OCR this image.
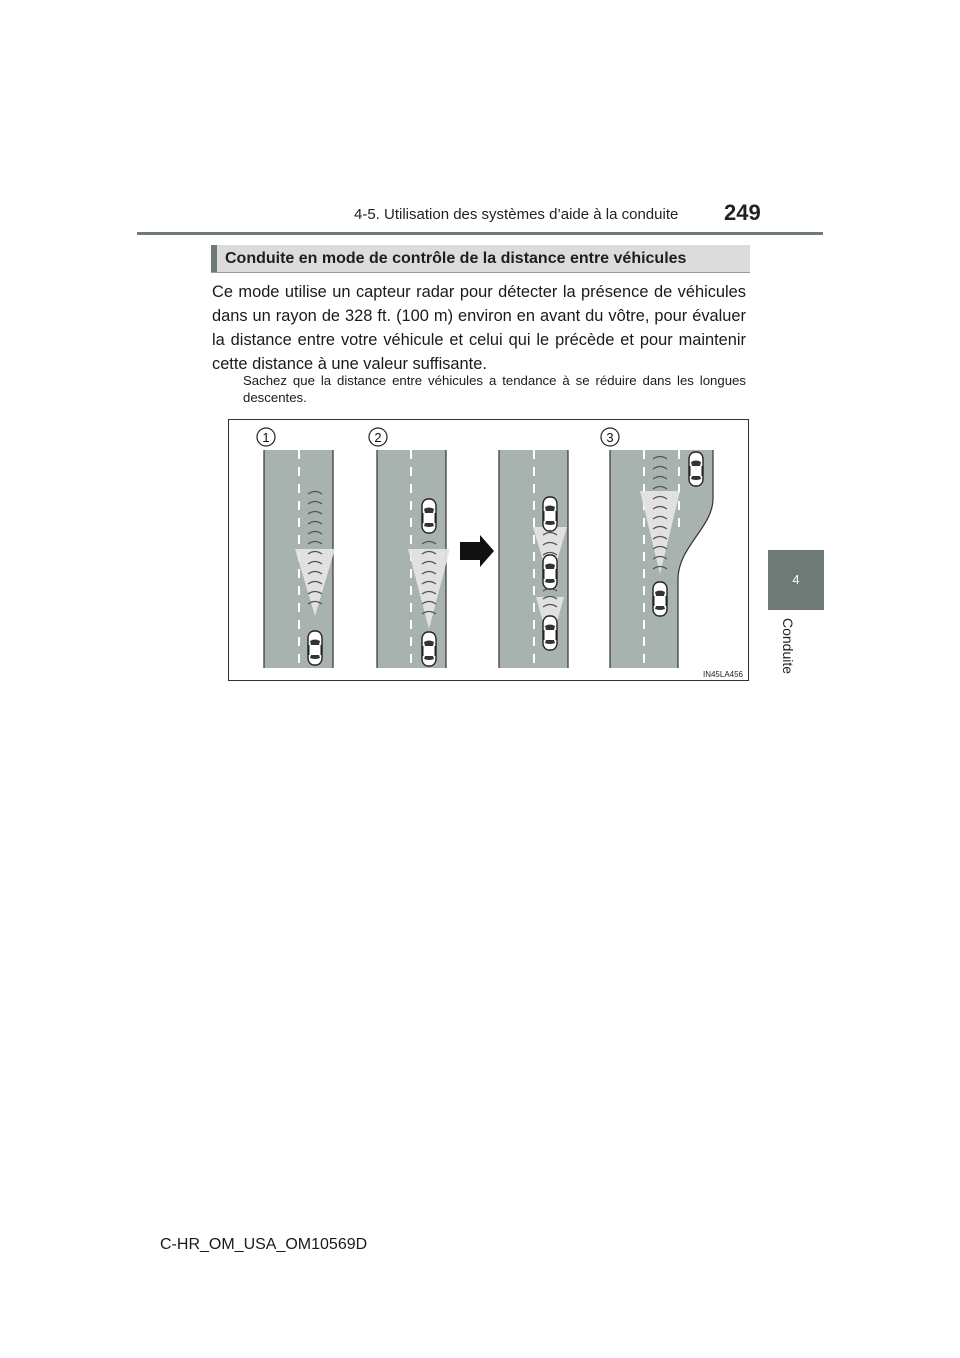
4-5. Utilisation des systèmes d’aide à la conduite 249
4
Conduite
Conduite en mode de contrôle de la distance entre véhicules

Ce mode utilise un capteur radar pour détecter la présence de véhicules dans un rayon de 328 ft. (100 m) environ en avant du vôtre, pour évaluer la distance entre votre véhicule et celui qui le précède et pour maintenir cette distance à une valeur suffisante.

Sachez que la distance entre véhicules a tendance à se réduire dans les longues descentes.

1	2	3
IN45LA456
C-HR_OM_USA_OM10569D
